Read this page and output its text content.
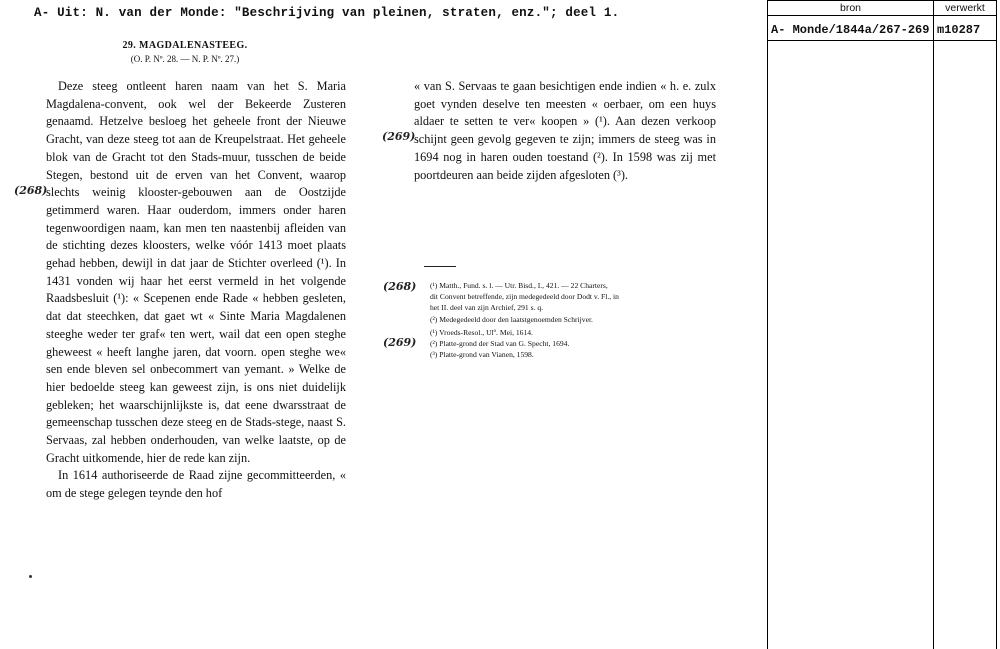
A- Uit: N. van der Monde: "Beschrijving van pleinen, straten, enz."; deel 1.
29. MAGDALENASTEEG.
(O. P. Nº. 28. — N. P. Nº. 27.)

Deze steeg ontleent haren naam van het S. Maria Magdalena-convent, ook wel der Bekeerde Zusteren genaamd. Hetzelve besloeg het geheele front der Nieuwe Gracht, van deze steeg tot aan de Kreupelstraat. Het geheele blok van de Gracht tot den Stads-muur, tusschen de beide Stegen, bestond uit de erven van het Convent, waarop slechts weinig klooster-gebouwen aan de Oostzijde getimmerd waren. Haar ouderdom, immers onder haren tegenwoordigen naam, kan men ten naastenbij afleiden van de stichting dezes kloosters, welke vóór 1413 moet plaats gehad hebben, dewijl in dat jaar de Stichter overleed (¹). In 1431 vonden wij haar het eerst vermeld in het volgende Raadsbesluit (¹): « Scepenen ende Rade « hebben gesleten, dat dat steechken, dat gaet wt « Sinte Maria Magdalenen steeghe weder ter graf« ten wert, wail dat een open steghe gheweest « heeft langhe jaren, dat voorn. open steghe we« sen ende bleven sel onbecommert van yemant. » Welke de hier bedoelde steeg kan geweest zijn, is ons niet duidelijk gebleken; het waarschijnlijkste is, dat eene dwarsstraat de gemeenschap tusschen deze steeg en de Stads-stege, naast S. Servaas, zal hebben onderhouden, van welke laatste, op de Gracht uitkomende, hier de rede kan zijn.

In 1614 authoriseerde de Raad zijne gecommitteerden, « om de stege gelegen teynde den hof

« van S. Servaas te gaan besichtigen ende indien « h. e. zulx goet vynden deselve ten meesten « oerbaer, om een huys aldaer te setten te ver« koopen » (¹). Aan dezen verkoop schijnt geen gevolg gegeven te zijn; immers de steeg was in 1694 nog in haren ouden toestand (²). In 1598 was zij met poortdeuren aan beide zijden afgesloten (³).

(268)
(269)
(268)
(269)
(¹) Matth., Fund. s. l. — Utr. Bisd., I., 421. — 22 Charters,
dit Convent betreffende, zijn medegedeeld door Dodt v. Fl., in
het II. deel van zijn Archief, 291 s. q.
(²) Medegedeeld door den laatstgenoemden Schrijver.
(¹) Vroeds-Resol., Ulº. Mei, 1614.
(²) Platte-grond der Stad van G. Specht, 1694.
(³) Platte-grond van Vianen, 1598.
bron	verwerkt
A- Monde/1844a/267-269 m10287
